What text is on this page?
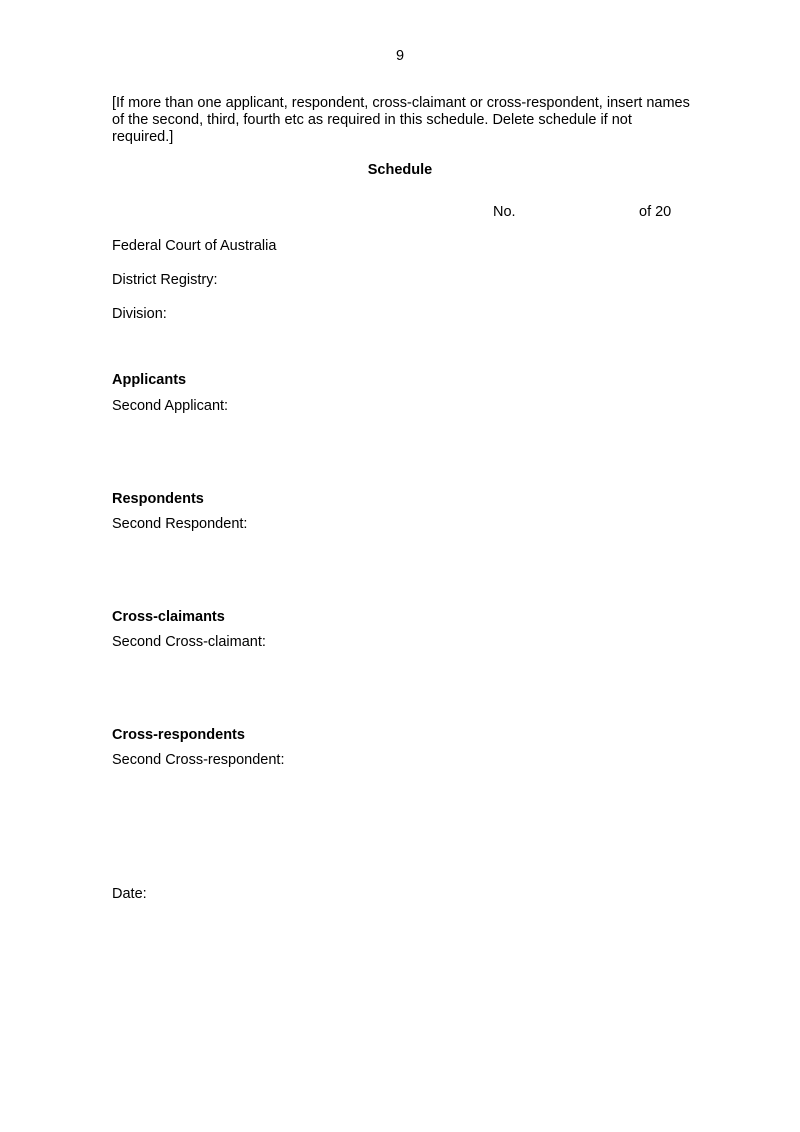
9
[If more than one applicant, respondent, cross-claimant or cross-respondent, insert names of the second, third, fourth etc as required in this schedule. Delete schedule if not required.]
Schedule
No.	of 20
Federal Court of Australia
District Registry:
Division:
Applicants
Second Applicant:
Respondents
Second Respondent:
Cross-claimants
Second Cross-claimant:
Cross-respondents
Second Cross-respondent:
Date:
